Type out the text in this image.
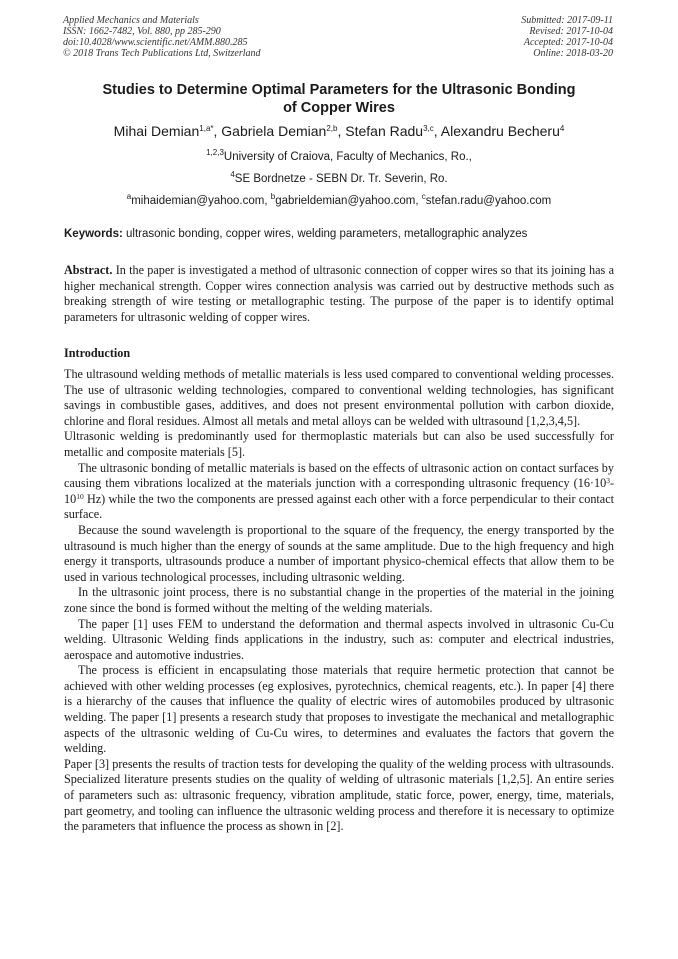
Applied Mechanics and Materials
ISSN: 1662-7482, Vol. 880, pp 285-290
doi:10.4028/www.scientific.net/AMM.880.285
© 2018 Trans Tech Publications Ltd, Switzerland
Submitted: 2017-09-11
Revised: 2017-10-04
Accepted: 2017-10-04
Online: 2018-03-20
Studies to Determine Optimal Parameters for the Ultrasonic Bonding
of Copper Wires
Mihai Demian$^{1,a*}$, Gabriela Demian$^{2,b}$, Stefan Radu$^{3,c}$, Alexandru Becheru$^4$
$^{1,2,3}$University of Craiova, Faculty of Mechanics, Ro.,
$^4$SE Bordnetze - SEBN Dr. Tr. Severin, Ro.
$^a$mihaidemian@yahoo.com, $^b$gabrieldemian@yahoo.com, $^c$stefan.radu@yahoo.com
Keywords: ultrasonic bonding, copper wires, welding parameters, metallographic analyzes

Abstract. In the paper is investigated a method of ultrasonic connection of copper wires so that its joining has a higher mechanical strength. Copper wires connection analysis was carried out by destructive methods such as breaking strength of wire testing or metallographic testing. The purpose of the paper is to identify optimal parameters for ultrasonic welding of copper wires.

Introduction

The ultrasound welding methods of metallic materials is less used compared to conventional welding processes. The use of ultrasonic welding technologies, compared to conventional welding technologies, has significant savings in combustible gases, additives, and does not present environmental pollution with carbon dioxide, chlorine and floral residues. Almost all metals and metal alloys can be welded with ultrasound [1,2,3,4,5].

Ultrasonic welding is predominantly used for thermoplastic materials but can also be used successfully for metallic and composite materials [5].

The ultrasonic bonding of metallic materials is based on the effects of ultrasonic action on contact surfaces by causing them vibrations localized at the materials junction with a corresponding ultrasonic frequency ($16\cdot 10^3-10^{10}$ Hz) while the two the components are pressed against each other with a force perpendicular to their contact surface.

Because the sound wavelength is proportional to the square of the frequency, the energy transported by the ultrasound is much higher than the energy of sounds at the same amplitude. Due to the high frequency and high energy it transports, ultrasounds produce a number of important physico-chemical effects that allow them to be used in various technological processes, including ultrasonic welding.

In the ultrasonic joint process, there is no substantial change in the properties of the material in the joining zone since the bond is formed without the melting of the welding materials.

The paper [1] uses FEM to understand the deformation and thermal aspects involved in ultrasonic Cu-Cu welding. Ultrasonic Welding finds applications in the industry, such as: computer and electrical industries, aerospace and automotive industries.

The process is efficient in encapsulating those materials that require hermetic protection that cannot be achieved with other welding processes (eg explosives, pyrotechnics, chemical reagents, etc.). In paper [4] there is a hierarchy of the causes that influence the quality of electric wires of automobiles produced by ultrasonic welding. The paper [1] presents a research study that proposes to investigate the mechanical and metallographic aspects of the ultrasonic welding of Cu-Cu wires, to determines and evaluates the factors that govern the welding.

Paper [3] presents the results of traction tests for developing the quality of the welding process with ultrasounds. Specialized literature presents studies on the quality of welding of ultrasonic materials [1,2,5]. An entire series of parameters such as: ultrasonic frequency, vibration amplitude, static force, power, energy, time, materials, part geometry, and tooling can influence the ultrasonic welding process and therefore it is necessary to optimize the parameters that influence the process as shown in [2].
